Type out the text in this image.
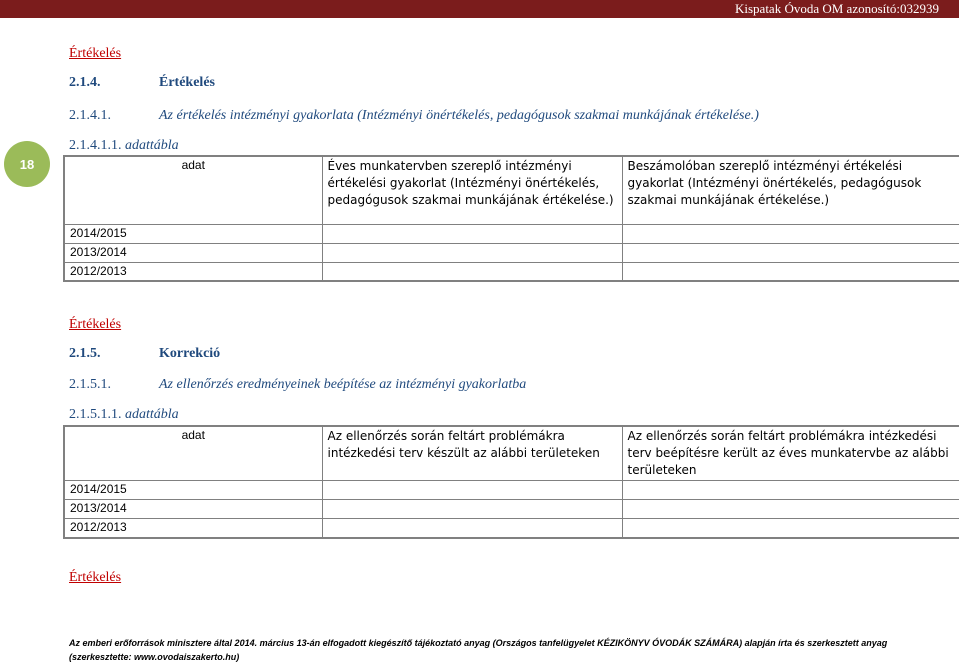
Kispatak Óvoda OM azonosító:032939
18
Értékelés
2.1.4.	Értékelés
2.1.4.1.	Az értékelés intézményi gyakorlata (Intézményi önértékelés, pedagógusok szakmai munkájának értékelése.)
2.1.4.1.1. adattábla
adat	Éves munkatervben szereplő intézményi értékelési gyakorlat (Intézményi önértékelés, pedagógusok szakmai munkájának értékelése.)	Beszámolóban szereplő intézményi értékelési gyakorlat (Intézményi önértékelés, pedagógusok szakmai munkájának értékelése.)
2014/2015		
2013/2014		
2012/2013		
Értékelés
2.1.5.	Korrekció
2.1.5.1.	Az ellenőrzés eredményeinek beépítése az intézményi gyakorlatba
2.1.5.1.1. adattábla
adat	Az ellenőrzés során feltárt problémákra intézkedési terv készült az alábbi területeken	Az ellenőrzés során feltárt problémákra intézkedési terv beépítésre került az éves munkatervbe az alábbi területeken
2014/2015		
2013/2014		
2012/2013		
Értékelés
Az emberi erőforrások minisztere által 2014. március 13-án elfogadott kiegészítő tájékoztató anyag (Országos tanfelügyelet KÉZIKÖNYV ÓVODÁK SZÁMÁRA) alapján írta és szerkesztett anyag (szerkesztette: www.ovodaiszakerto.hu)
